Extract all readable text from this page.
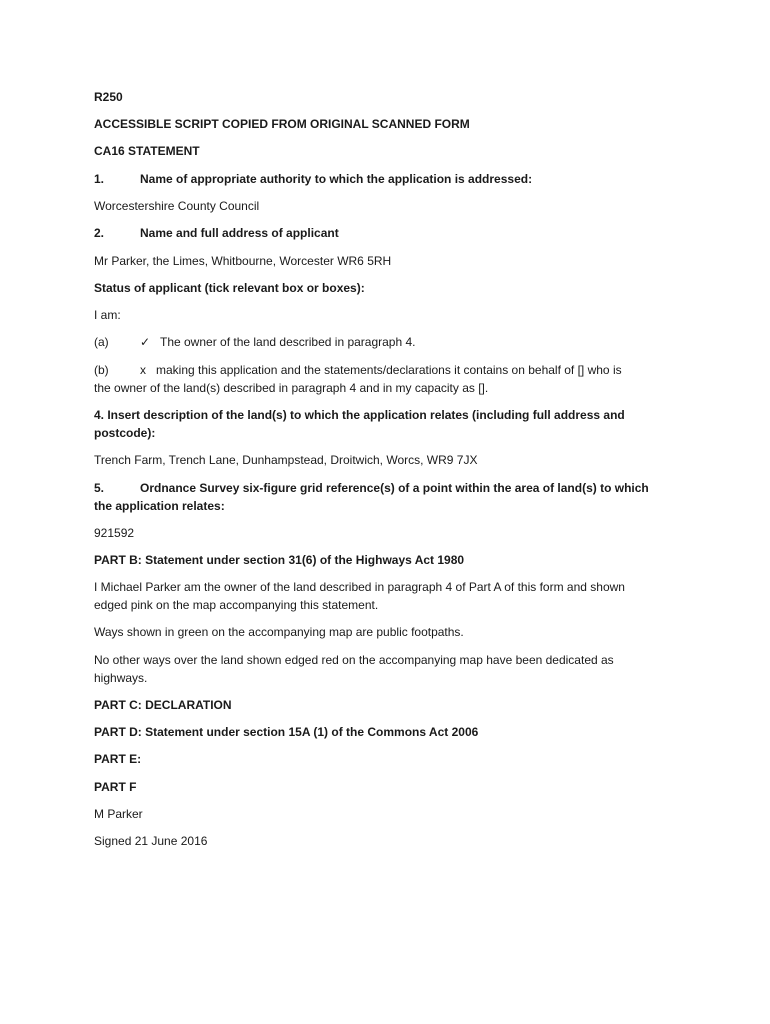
R250
ACCESSIBLE SCRIPT COPIED FROM ORIGINAL SCANNED FORM
CA16 STATEMENT
1.	Name of appropriate authority to which the application is addressed:
Worcestershire County Council
2.	Name and full address of applicant
Mr Parker, the Limes, Whitbourne, Worcester WR6 5RH
Status of applicant (tick relevant box or boxes):
I am:
(a)	✓ The owner of the land described in paragraph 4.
(b)	x making this application and the statements/declarations it contains on behalf of [] who is
the owner of the land(s) described in paragraph 4 and in my capacity as [].
4. Insert description of the land(s) to which the application relates (including full address and
postcode):
Trench Farm, Trench Lane, Dunhampstead, Droitwich, Worcs, WR9 7JX
5.	Ordnance Survey six-figure grid reference(s) of a point within the area of land(s) to which
the application relates:
921592
PART B: Statement under section 31(6) of the Highways Act 1980
I Michael Parker am the owner of the land described in paragraph 4 of Part A of this form and shown
edged pink on the map accompanying this statement.
Ways shown in green on the accompanying map are public footpaths.
No other ways over the land shown edged red on the accompanying map have been dedicated as
highways.
PART C: DECLARATION
PART D: Statement under section 15A (1) of the Commons Act 2006
PART E:
PART F
M Parker
Signed 21 June 2016
